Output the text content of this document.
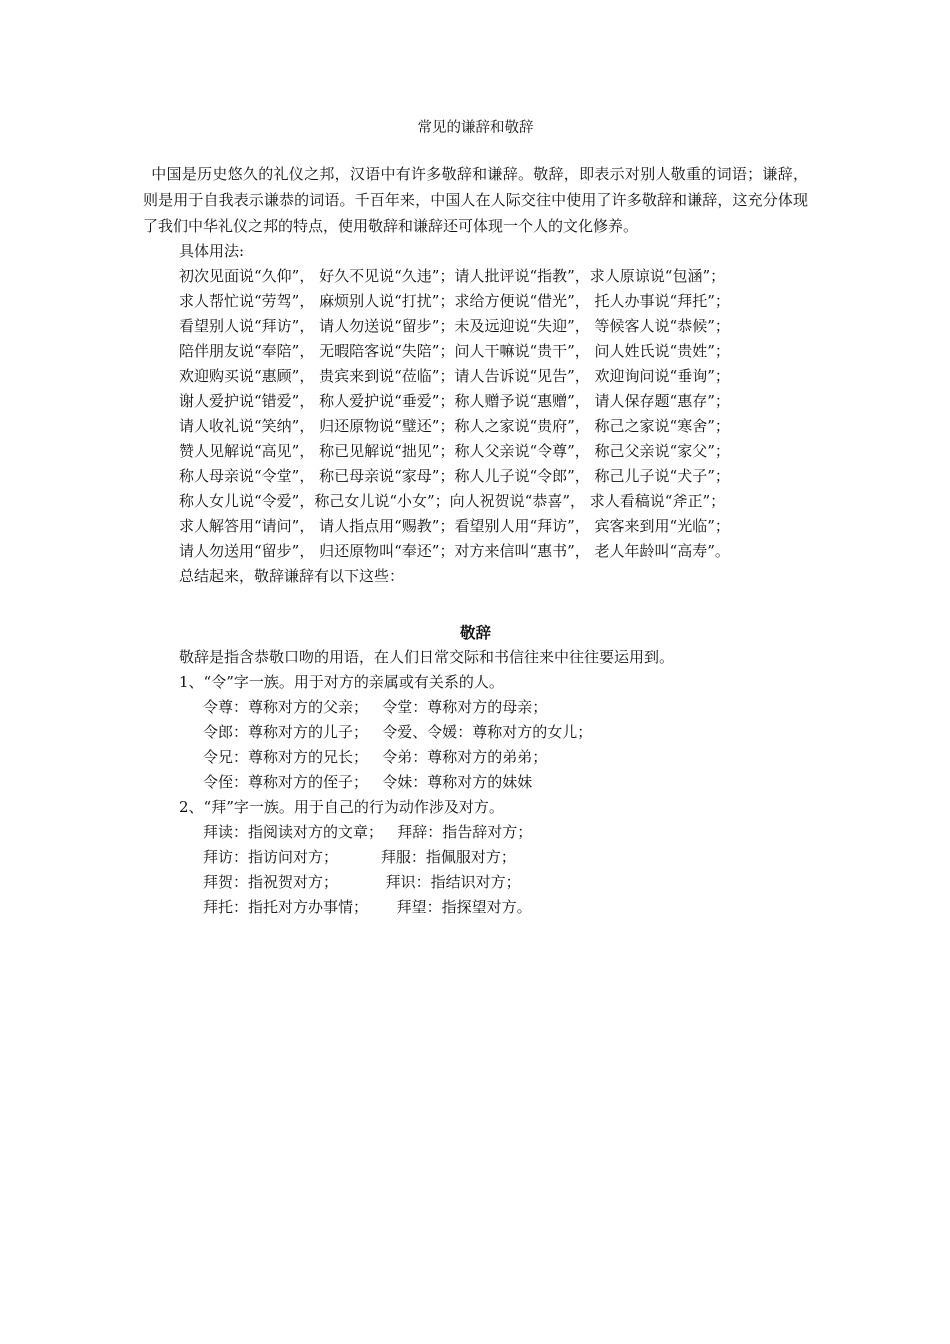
常见的谦辞和敬辞

中国是历史悠久的礼仪之邦，汉语中有许多敬辞和谦辞。敬辞，即表示对别人敬重的词语；谦辞，则是用于自我表示谦恭的词语。千百年来，中国人在人际交往中使用了许多敬辞和谦辞，这充分体现了我们中华礼仪之邦的特点，使用敬辞和谦辞还可体现一个人的文化修养。

具体用法:

初次见面说“久仰”， 好久不见说“久违”；请人批评说“指教”，求人原谅说“包涵”；

求人帮忙说“劳驾”， 麻烦别人说“打扰”；求给方便说“借光”， 托人办事说“拜托”；

看望别人说“拜访”， 请人勿送说“留步”；未及远迎说“失迎”， 等候客人说“恭候”；

陪伴朋友说“奉陪”， 无暇陪客说“失陪”；问人干嘛说“贵干”， 问人姓氏说“贵姓”；

欢迎购买说“惠顾”， 贵宾来到说“莅临”；请人告诉说“见告”， 欢迎询问说“垂询”；

谢人爱护说“错爱”， 称人爱护说“垂爱”；称人赠予说“惠赠”， 请人保存题“惠存”；

请人收礼说“笑纳”， 归还原物说“璧还”；称人之家说“贵府”， 称己之家说“寒舍”；

赞人见解说“高见”， 称已见解说“拙见”；称人父亲说“令尊”， 称己父亲说“家父”；

称人母亲说“令堂”， 称已母亲说“家母”；称人儿子说“令郎”， 称己儿子说“犬子”；

称人女儿说“令爱”，称己女儿说“小女”；向人祝贺说“恭喜”， 求人看稿说“斧正”；

求人解答用“请问”， 请人指点用“赐教”；看望别人用“拜访”， 宾客来到用“光临”；

请人勿送用“留步”， 归还原物叫“奉还”；对方来信叫“惠书”， 老人年龄叫“高寿”。

总结起来，敬辞谦辞有以下这些：

敬辞

敬辞是指含恭敬口吻的用语，在人们日常交际和书信往来中往往要运用到。

1、“令”字一族。用于对方的亲属或有关系的人。

令尊：尊称对方的父亲；   令堂：尊称对方的母亲；

令郎：尊称对方的儿子；   令爱、令媛：尊称对方的女儿；

令兄：尊称对方的兄长；   令弟：尊称对方的弟弟；

令侄：尊称对方的侄子；   令妹：尊称对方的妹妹

2、“拜”字一族。用于自己的行为动作涉及对方。

拜读：指阅读对方的文章；   拜辞：指告辞对方；

拜访：指访问对方；         拜服：指佩服对方；

拜贺：指祝贺对方；          拜识：指结识对方；

拜托：指托对方办事情；      拜望：指探望对方。
